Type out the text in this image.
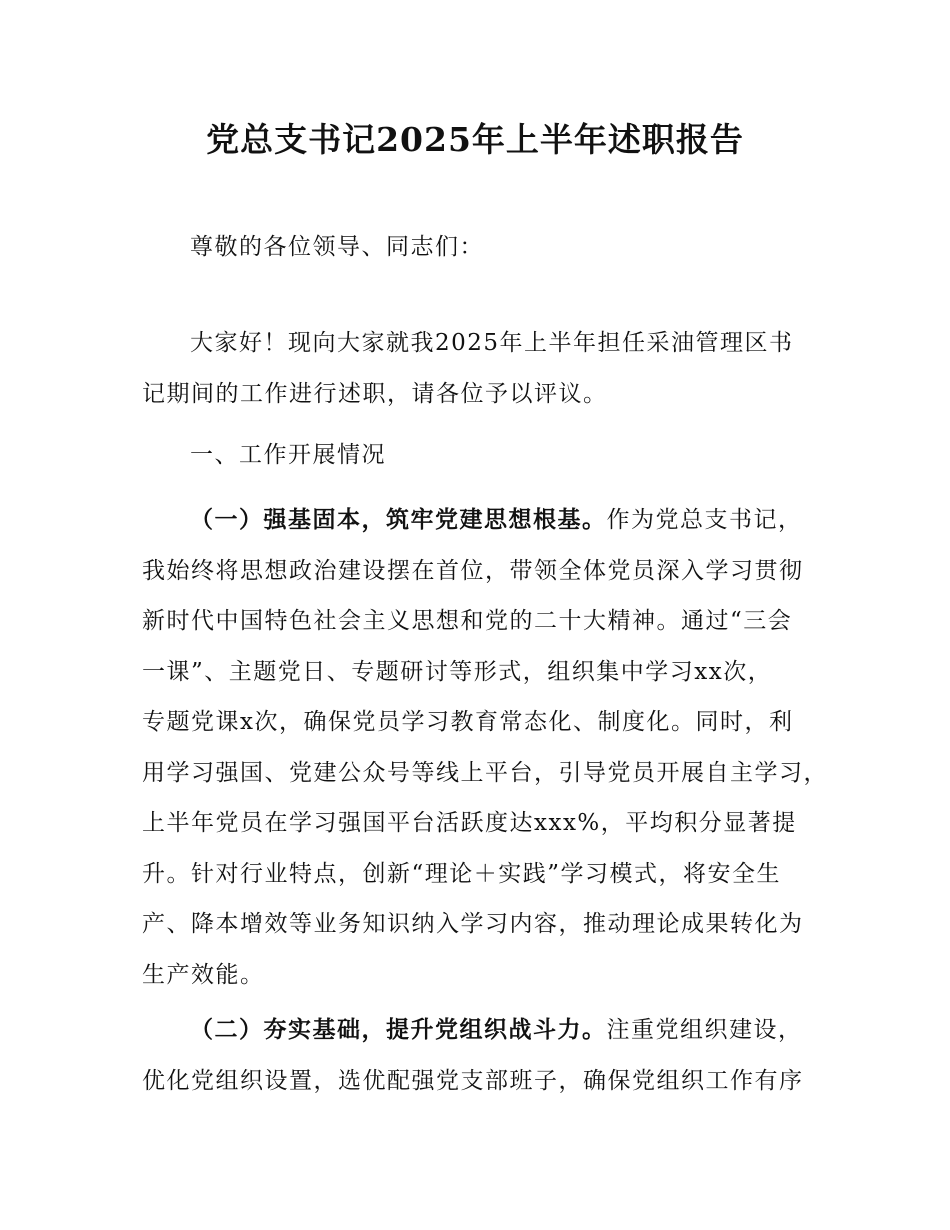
党总支书记2025年上半年述职报告
尊敬的各位领导、同志们：
大家好！现向大家就我2025年上半年担任采油管理区书
记期间的工作进行述职，请各位予以评议。
一、工作开展情况
（一）强基固本，筑牢党建思想根基。作为党总支书记，
我始终将思想政治建设摆在首位，带领全体党员深入学习贯彻
新时代中国特色社会主义思想和党的二十大精神。通过“三会
一课”、主题党日、专题研讨等形式，组织集中学习xx次，
专题党课x次，确保党员学习教育常态化、制度化。同时，利
用学习强国、党建公众号等线上平台，引导党员开展自主学习，
上半年党员在学习强国平台活跃度达xxx%，平均积分显著提
升。针对行业特点，创新“理论＋实践”学习模式，将安全生
产、降本增效等业务知识纳入学习内容，推动理论成果转化为
生产效能。
（二）夯实基础，提升党组织战斗力。注重党组织建设，
优化党组织设置，选优配强党支部班子，确保党组织工作有序
